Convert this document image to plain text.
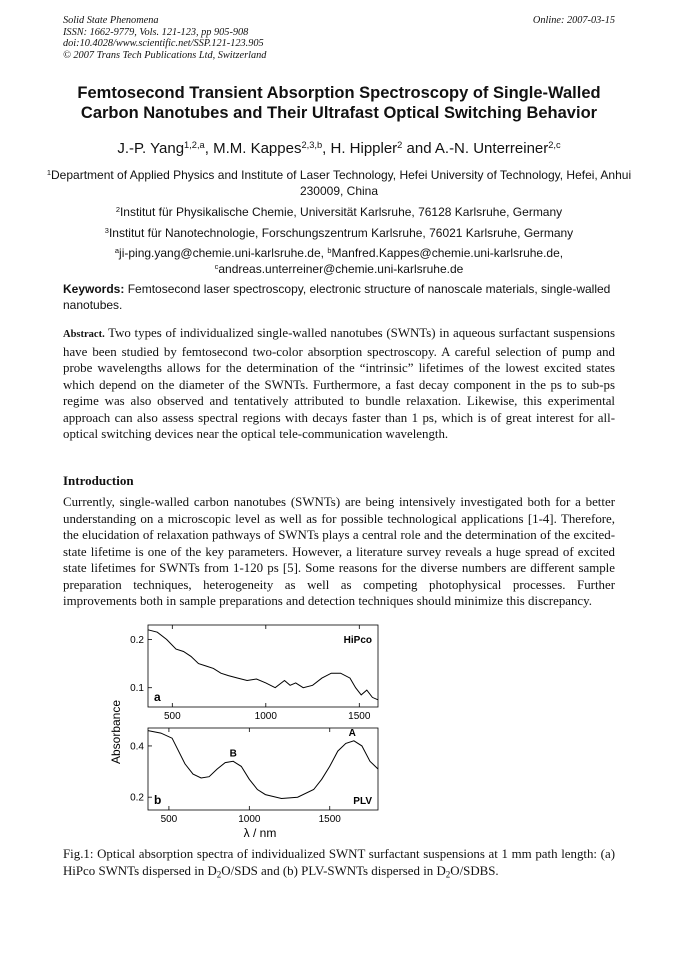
Solid State Phenomena
ISSN: 1662-9779, Vols. 121-123, pp 905-908
doi:10.4028/www.scientific.net/SSP.121-123.905
© 2007 Trans Tech Publications Ltd, Switzerland
Online: 2007-03-15
Femtosecond Transient Absorption Spectroscopy of Single-Walled
Carbon Nanotubes and Their Ultrafast Optical Switching Behavior
J.-P. Yang$^{1,2,a}$, M.M. Kappes$^{2,3,b}$, H. Hippler$^2$ and A.-N. Unterreiner$^{2,c}$
$^1$Department of Applied Physics and Institute of Laser Technology, Hefei University of Technology, Hefei, Anhui 230009, China
$^2$Institut für Physikalische Chemie, Universität Karlsruhe, 76128 Karlsruhe, Germany
$^3$Institut für Nanotechnologie, Forschungszentrum Karlsruhe, 76021 Karlsruhe, Germany
$^a$ji-ping.yang@chemie.uni-karlsruhe.de, $^b$Manfred.Kappes@chemie.uni-karlsruhe.de,
$^c$andreas.unterreiner@chemie.uni-karlsruhe.de
Keywords: Femtosecond laser spectroscopy, electronic structure of nanoscale materials, single-walled nanotubes.
Abstract. Two types of individualized single-walled nanotubes (SWNTs) in aqueous surfactant suspensions have been studied by femtosecond two-color absorption spectroscopy. A careful selection of pump and probe wavelengths allows for the determination of the “intrinsic” lifetimes of the lowest excited states which depend on the diameter of the SWNTs. Furthermore, a fast decay component in the ps to sub-ps regime was also observed and tentatively attributed to bundle relaxation. Likewise, this experimental approach can also assess spectral regions with decays faster than 1 ps, which is of great interest for all-optical switching devices near the optical tele-communication wavelength.
Introduction
Currently, single-walled carbon nanotubes (SWNTs) are being intensively investigated both for a better understanding on a microscopic level as well as for possible technological applications [1-4]. Therefore, the elucidation of relaxation pathways of SWNTs plays a central role and the determination of the excited-state lifetime is one of the key parameters. However, a literature survey reveals a huge spread of excited state lifetimes for SWNTs from 1-120 ps [5]. Some reasons for the diverse numbers are different sample preparation techniques, heterogeneity as well as competing photophysical processes. Further improvements both in sample preparations and detection techniques should minimize this discrepancy.
500	1000	1500
0.1
0.2
a
HiPco
500	1000	1500
0.2
0.4
b	PLV
A
B
Absorbance
λ / nm
Fig.1: Optical absorption spectra of individualized SWNT surfactant suspensions at 1 mm path length: (a) HiPco SWNTs dispersed in $D_2O$/SDS and (b) PLV-SWNTs dispersed in $D_2O$/SDBS.
